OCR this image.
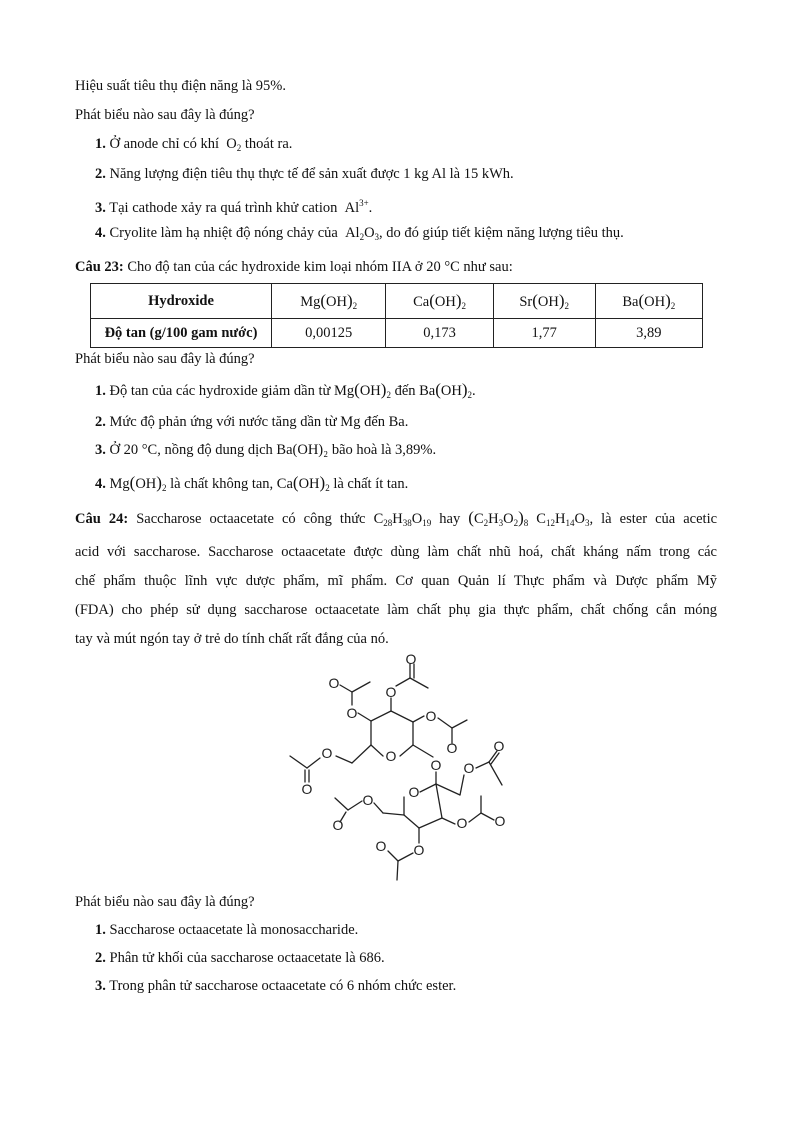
Hiệu suất tiêu thụ điện năng là 95%.
Phát biểu nào sau đây là đúng?
1. Ở anode chỉ có khí  $O_2$ thoát ra.
2. Năng lượng điện tiêu thụ thực tế để sản xuất được 1 kg Al là 15 kWh.
3. Tại cathode xảy ra quá trình khử cation  $Al^{3+}$.
4. Cryolite làm hạ nhiệt độ nóng chảy của  $Al_2O_3$, do đó giúp tiết kiệm năng lượng tiêu thụ.
Câu 23: Cho độ tan của các hydroxide kim loại nhóm IIA ở 20 °C như sau:
Hydroxide	$Mg(OH)_2$	$Ca(OH)_2$	$Sr(OH)_2$	$Ba(OH)_2$
Độ tan (g/100 gam nước)	0,00125	0,173	1,77	3,89
Phát biểu nào sau đây là đúng?
1. Độ tan của các hydroxide giảm dần từ $Mg(OH)_2$ đến $Ba(OH)_2$.
2. Mức độ phản ứng với nước tăng dần từ Mg đến Ba.
3. Ở 20 °C, nồng độ dung dịch Ba(OH)₂ bão hoà là 3,89%.
4. $Mg(OH)_2$ là chất không tan, $Ca(OH)_2$ là chất ít tan.
Câu 24: Saccharose octaacetate có công thức $C_{28}H_{38}O_{19}$ hay $(C_2H_3O_2)_8$ $C_{12}H_{14}O_3$, là ester của acetic
acid với saccharose. Saccharose octaacetate được dùng làm chất nhũ hoá, chất kháng nấm trong các
chế phẩm thuộc lĩnh vực dược phẩm, mĩ phẩm. Cơ quan Quản lí Thực phẩm và Dược phẩm Mỹ
(FDA) cho phép sử dụng saccharose octaacetate làm chất phụ gia thực phẩm, chất chống cắn móng
tay và mút ngón tay ở trẻ do tính chất rất đắng của nó.
O
O
O
O	O
O
O
O
O
O
O
O
O
O O
O
O
O
O
Phát biểu nào sau đây là đúng?
1. Saccharose octaacetate là monosaccharide.
2. Phân tử khối của saccharose octaacetate là 686.
3. Trong phân tử saccharose octaacetate có 6 nhóm chức ester.
